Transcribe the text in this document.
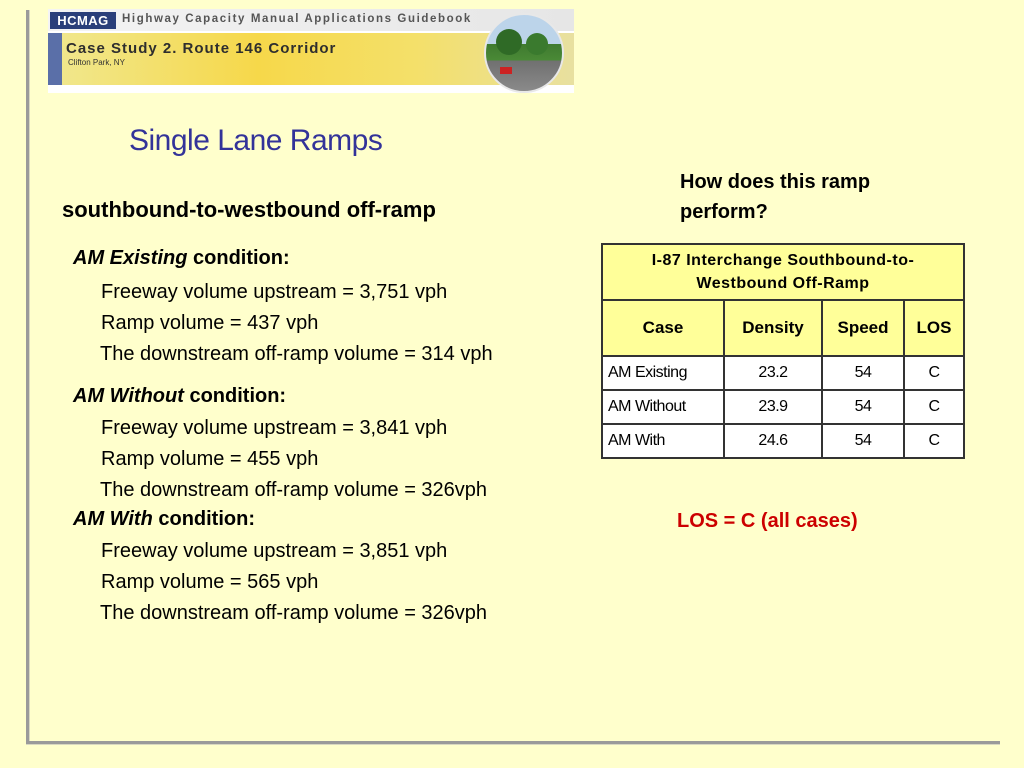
HCMAG	Highway Capacity Manual Applications Guidebook
Case Study 2. Route 146 Corridor
Clifton Park, NY
Single Lane Ramps
How does this ramp perform?
southbound-to-westbound off-ramp
AM Existing condition:
Freeway volume upstream = 3,751 vph
Ramp volume = 437 vph
The downstream off-ramp volume = 314 vph
AM Without condition:
Freeway volume upstream = 3,841 vph
Ramp volume = 455 vph
The downstream off-ramp volume = 326vph
AM With condition:
Freeway volume upstream = 3,851 vph
Ramp volume = 565 vph
The downstream off-ramp volume = 326vph
I-87 Interchange Southbound-to-Westbound Off-Ramp			

Case	Density	Speed	LOS
AM Existing	23.2	54	C
AM Without	23.9	54	C
AM With	24.6	54	C
LOS = C (all cases)
